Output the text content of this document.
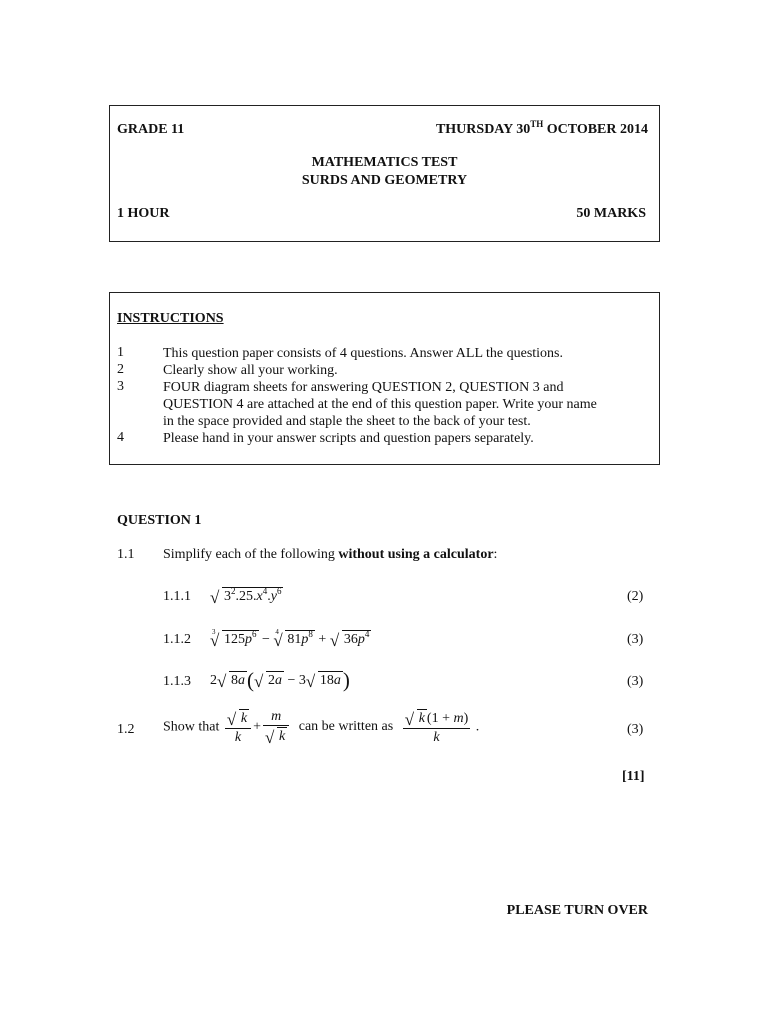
GRADE 11	THURSDAY 30TH OCTOBER 2014
MATHEMATICS TEST
SURDS AND GEOMETRY
1 HOUR	50 MARKS
INSTRUCTIONS
1	This question paper consists of 4 questions. Answer ALL the questions.
2	Clearly show all your working.
3	FOUR diagram sheets for answering QUESTION 2, QUESTION 3 and QUESTION 4 are attached at the end of this question paper. Write your name in the space provided and staple the sheet to the back of your test.
4	Please hand in your answer scripts and question papers separately.
QUESTION 1
1.1 Simplify each of the following without using a calculator:
1.1.1	√ $3^2.25.x^4.y^6$	(2)
1.1.2	√ 3 $125p^6$ − √ 4 $81p^8$ + √ $36p^4$	(3)
1.1.3 2 √ 8a( √ 2a − 3 √ 18a)	(3)
1.2 Show that √ $\frac{k}{k} + m$
√ k can be written as √ $\frac{k (1 + m)}{k}$ .	(3)
[11]
PLEASE TURN OVER
